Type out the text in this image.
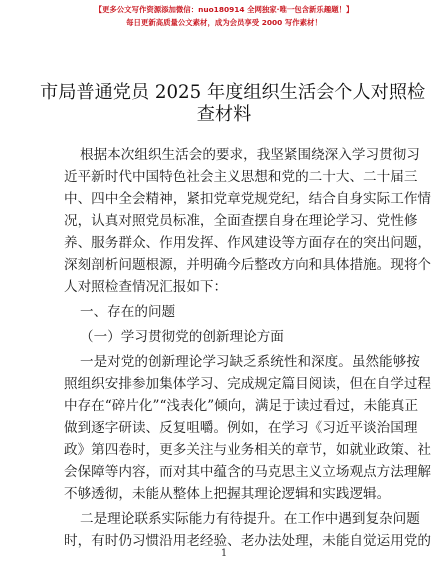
【更多公文写作资源添加微信：nuo180914 全网独家·唯一包含新乐趣题！】
每日更新高质量公文素材，成为会员享受 2000 写作素材！
市局普通党员 2025 年度组织生活会个人对照检
查材料
根据本次组织生活会的要求，我坚紧围绕深入学习贯彻习
近平新时代中国特色社会主义思想和党的二十大、二十届三
中、四中全会精神，紧扣党章党规党纪，结合自身实际工作情
况，认真对照党员标准，全面查摆自身在理论学习、党性修
养、服务群众、作用发挥、作风建设等方面存在的突出问题，
深刻剖析问题根源，并明确今后整改方向和具体措施。现将个
人对照检查情况汇报如下：
一、存在的问题
（一）学习贯彻党的创新理论方面
一是对党的创新理论学习缺乏系统性和深度。虽然能够按
照组织安排参加集体学习、完成规定篇目阅读，但在自学过程
中存在“碎片化”“浅表化”倾向，满足于读过看过，未能真正
做到逐字研读、反复咀嚼。例如，在学习《习近平谈治国理
政》第四卷时，更多关注与业务相关的章节，如就业政策、社
会保障等内容，而对其中蕴含的马克思主义立场观点方法理解
不够透彻，未能从整体上把握其理论逻辑和实践逻辑。
二是理论联系实际能力有待提升。在工作中遇到复杂问题
时，有时仍习惯沿用老经验、老办法处理，未能自觉运用党的
1
